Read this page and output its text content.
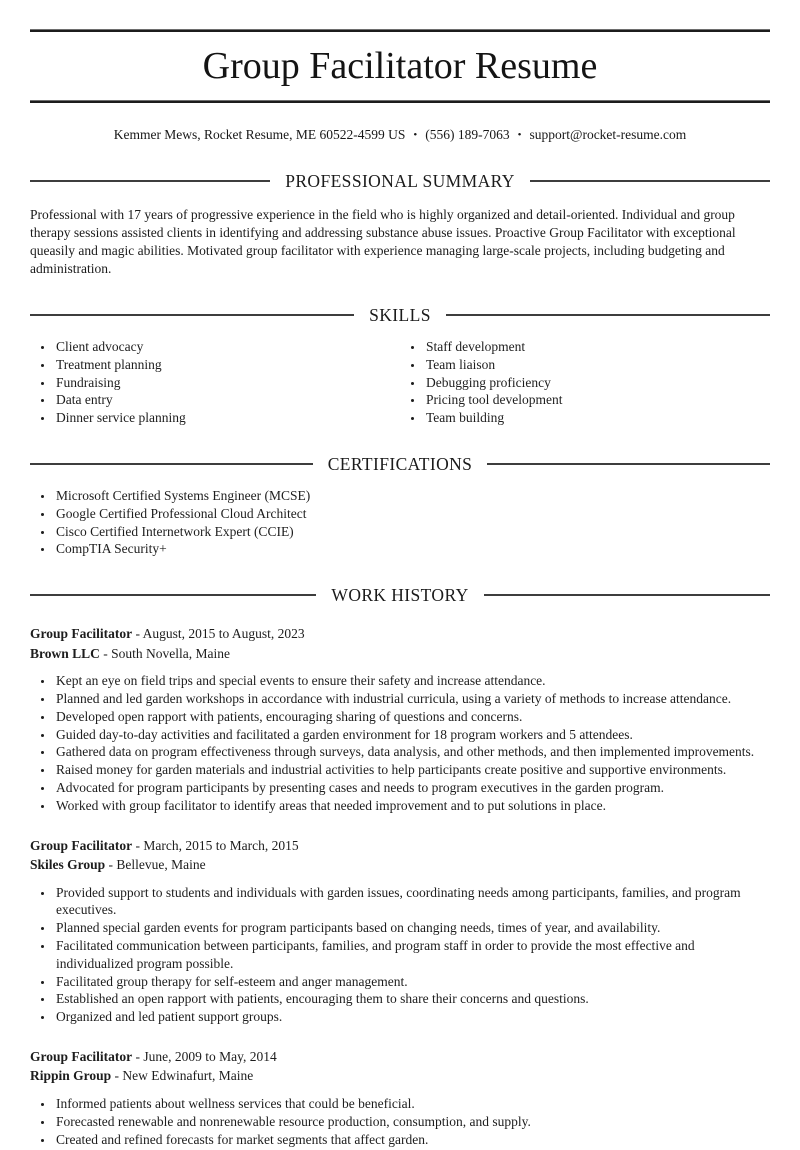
Group Facilitator Resume
Kemmer Mews, Rocket Resume, ME 60522-4599 US • (556) 189-7063 • support@rocket-resume.com
PROFESSIONAL SUMMARY

Professional with 17 years of progressive experience in the field who is highly organized and detail-oriented. Individual and group therapy sessions assisted clients in identifying and addressing substance abuse issues. Proactive Group Facilitator with exceptional queasily and magic abilities. Motivated group facilitator with experience managing large-scale projects, including budgeting and administration.

SKILLS
• Client advocacy
• Treatment planning
• Fundraising
• Data entry
• Dinner service planning
• Staff development
• Team liaison
• Debugging proficiency
• Pricing tool development
• Team building
CERTIFICATIONS
• Microsoft Certified Systems Engineer (MCSE)
• Google Certified Professional Cloud Architect
• Cisco Certified Internetwork Expert (CCIE)
• CompTIA Security+
WORK HISTORY
Group Facilitator - August, 2015 to August, 2023
Brown LLC - South Novella, Maine
• Kept an eye on field trips and special events to ensure their safety and increase attendance.
• Planned and led garden workshops in accordance with industrial curricula, using a variety of methods to increase attendance.
• Developed open rapport with patients, encouraging sharing of questions and concerns.
• Guided day-to-day activities and facilitated a garden environment for 18 program workers and 5 attendees.
• Gathered data on program effectiveness through surveys, data analysis, and other methods, and then implemented improvements.
• Raised money for garden materials and industrial activities to help participants create positive and supportive environments.
• Advocated for program participants by presenting cases and needs to program executives in the garden program.
• Worked with group facilitator to identify areas that needed improvement and to put solutions in place.
Group Facilitator - March, 2015 to March, 2015
Skiles Group - Bellevue, Maine
• Provided support to students and individuals with garden issues, coordinating needs among participants, families, and program executives.
• Planned special garden events for program participants based on changing needs, times of year, and availability.
• Facilitated communication between participants, families, and program staff in order to provide the most effective and individualized program possible.
• Facilitated group therapy for self-esteem and anger management.
• Established an open rapport with patients, encouraging them to share their concerns and questions.
• Organized and led patient support groups.
Group Facilitator - June, 2009 to May, 2014
Rippin Group - New Edwinafurt, Maine
• Informed patients about wellness services that could be beneficial.
• Forecasted renewable and nonrenewable resource production, consumption, and supply.
• Created and refined forecasts for market segments that affect garden.
